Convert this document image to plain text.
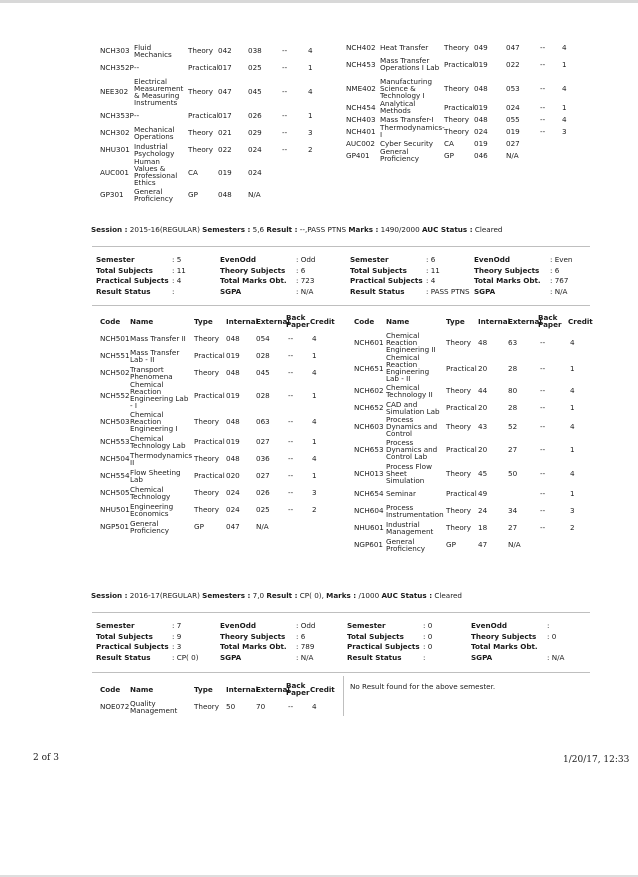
NCH303	Fluid Mechanics	Theory	042	038	--	4
NCH352P	--	Practical	017	025	--	1
NEE302	Electrical Measurement & Measuring Instruments	Theory	047	045	--	4
NCH353P	--	Practical	017	026	--	1
NCH302	Mechanical Operations	Theory	021	029	--	3
NHU301	Industrial Psychology	Theory	022	024	--	2
AUC001	Human Values & Professional Ethics	CA	019	024		
GP301	General Proficiency	GP	048	N/A		
NCH402	Heat Transfer	Theory	049	047	--	4
NCH453	Mass Transfer Operations I Lab	Practical	019	022	--	1
NME402	Manufacturing Science & Technology I	Theory	048	053	--	4
NCH454	Analytical Methods	Practical	019	024	--	1
NCH403	Mass Transfer-I	Theory	048	055	--	4
NCH401	Thermodynamics-I	Theory	024	019	--	3
AUC002	Cyber Security	CA	019	027		
GP401	General Proficiency	GP	046	N/A		
Session : 2015-16(REGULAR) Semesters : 5,6 Result : --,PASS PTNS Marks : 1490/2000 AUC Status : Cleared
Semester	: 5	EvenOdd	: Odd
Total Subjects	: 11	Theory Subjects	: 6
Practical Subjects	: 4	Total Marks Obt.	: 723
Result Status	:	SGPA	: N/A
Semester	: 6	EvenOdd	: Even
Total Subjects	: 11	Theory Subjects	: 6
Practical Subjects	: 4	Total Marks Obt.	: 767
Result Status	: PASS PTNS	SGPA	: N/A
Code	Name	Type	Internal	External	Back Paper	Credit
NCH501	Mass Transfer II	Theory	048	054	--	4
NCH551	Mass Transfer Lab - II	Practical	019	028	--	1
NCH502	Transport Phenomena	Theory	048	045	--	4
NCH552	Chemical Reaction Engineering Lab - I	Practical	019	028	--	1
NCH503	Chemical Reaction Engineering I	Theory	048	063	--	4
NCH553	Chemical Technology Lab	Practical	019	027	--	1
NCH504	Thermodynamics II	Theory	048	036	--	4
NCH554	Flow Sheeting Lab	Practical	020	027	--	1
NCH505	Chemical Technology	Theory	024	026	--	3
NHU501	Engineering Economics	Theory	024	025	--	2
NGP501	General Proficiency	GP	047	N/A		
Code	Name	Type	Internal	External	Back Paper	Credit
NCH601	Chemical Reaction Engineering II	Theory	48	63	--	4
NCH651	Chemical Reaction Engineering Lab - II	Practical	20	28	--	1
NCH602	Chemical Technology II	Theory	44	80	--	4
NCH652	CAD and Simulation Lab	Practical	20	28	--	1
NCH603	Process Dynamics and Control	Theory	43	52	--	4
NCH653	Process Dynamics and Control Lab	Practical	20	27	--	1
NCH013	Process Flow Sheet Simulation	Theory	45	50	--	4
NCH654	Seminar	Practical	49		--	1
NCH604	Process Instrumentation	Theory	24	34	--	3
NHU601	Industrial Management	Theory	18	27	--	2
NGP601	General Proficiency	GP	47	N/A		
Session : 2016-17(REGULAR) Semesters : 7,0 Result : CP( 0), Marks : /1000 AUC Status : Cleared
Semester	: 7	EvenOdd	: Odd
Total Subjects	: 9	Theory Subjects	: 6
Practical Subjects	: 3	Total Marks Obt.	: 789
Result Status	: CP( 0)	SGPA	: N/A
Semester	: 0	EvenOdd	:
Total Subjects	: 0	Theory Subjects	: 0
Practical Subjects	: 0	Total Marks Obt.	
Result Status	:	SGPA	: N/A
Code	Name	Type	Internal	External	Back Paper	Credit
NOE072	Quality Management	Theory	50	70	--	4
No Result found for the above semester.
2 of 3	1/20/17, 12:33
